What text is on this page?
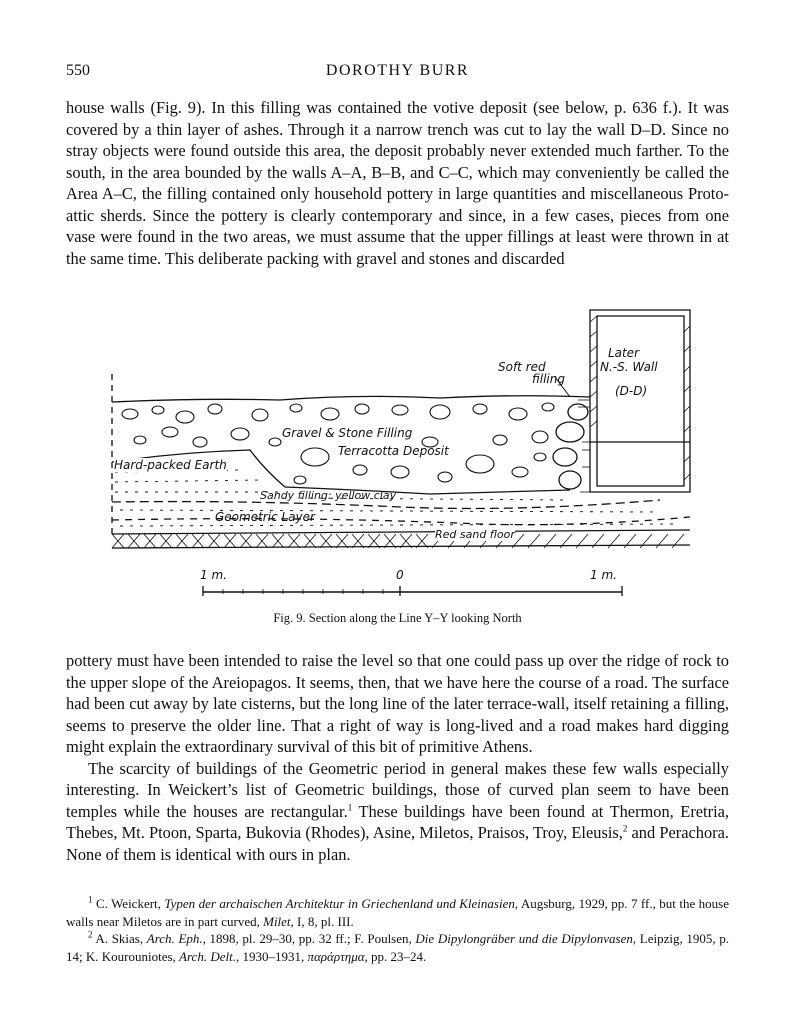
550	DOROTHY BURR

house walls (Fig. 9). In this filling was contained the votive deposit (see below, p. 636 f.). It was covered by a thin layer of ashes. Through it a narrow trench was cut to lay the wall D–D. Since no stray objects were found outside this area, the deposit probably never extended much farther. To the south, in the area bounded by the walls A–A, B–B, and C–C, which may conveniently be called the Area A–C, the filling contained only household pottery in large quantities and miscellaneous Proto-attic sherds. Since the pottery is clearly contemporary and since, in a few cases, pieces from one vase were found in the two areas, we must assume that the upper fillings at least were thrown in at the same time. This deliberate packing with gravel and stones and discarded

Later
N.-S. Wall
(D-D)
Soft red
filling
Gravel & Stone Filling
Terracotta Deposit
Hard-packed Earth
Sandy filling: yellow clay
Geometric Layer
Red sand floor
1 m.	0	1 m.
Fig. 9. Section along the Line Y–Y looking North

pottery must have been intended to raise the level so that one could pass up over the ridge of rock to the upper slope of the Areiopagos. It seems, then, that we have here the course of a road. The surface had been cut away by late cisterns, but the long line of the later terrace-wall, itself retaining a filling, seems to preserve the older line. That a right of way is long-lived and a road makes hard digging might explain the extraordinary survival of this bit of primitive Athens.

The scarcity of buildings of the Geometric period in general makes these few walls especially interesting. In Weickert’s list of Geometric buildings, those of curved plan seem to have been temples while the houses are rectangular.$^1$ These buildings have been found at Thermon, Eretria, Thebes, Mt. Ptoon, Sparta, Bukovia (Rhodes), Asine, Miletos, Praisos, Troy, Eleusis,$^2$ and Perachora. None of them is identical with ours in plan.

$^1$ C. Weickert, Typen der archaischen Architektur in Griechenland und Kleinasien, Augsburg, 1929, pp. 7 ff., but the house walls near Miletos are in part curved, Milet, I, 8, pl. III.

$^2$ A. Skias, Arch. Eph., 1898, pl. 29–30, pp. 32 ff.; F. Poulsen, Die Dipylongräber und die Dipylonvasen, Leipzig, 1905, p. 14; K. Kourouniotes, Arch. Delt., 1930–1931, παράρτημα, pp. 23–24.
